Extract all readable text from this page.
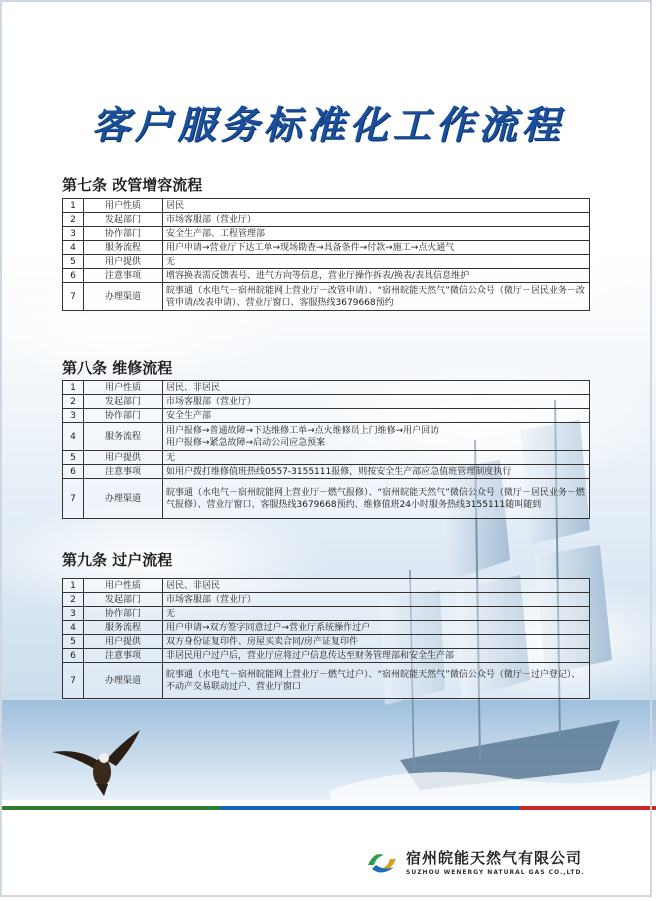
客户服务标准化工作流程
第七条 改管增容流程
1	用户性质	居民
2	发起部门	市场客服部（营业厅）
3	协作部门	安全生产部、工程管理部
4	服务流程	用户申请→营业厅下达工单→现场勘查→具备条件→付款→施工→点火通气
5	用户提供	无
6	注意事项	增容换表需反馈表号、进气方向等信息，营业厅操作拆表/换表/表具信息维护
7	办理渠道	皖事通（水电气－宿州皖能网上营业厅－改管申请）、“宿州皖能天然气”微信公众号（微厅－居民业务－改管申请/改表申请）、营业厅窗口、客服热线3679668预约
第八条 维修流程
1	用户性质	居民、非居民
2	发起部门	市场客服部（营业厅）
3	协作部门	安全生产部
4	服务流程	用户报修→普通故障→下达维修工单→点火维修员上门维修→用户回访
用户报修→紧急故障→启动公司应急预案
5	用户提供	无
6	注意事项	如用户拨打维修值班热线0557-3155111报修，则按安全生产部应急值班管理制度执行
7	办理渠道	皖事通（水电气－宿州皖能网上营业厅－燃气报修）、“宿州皖能天然气”微信公众号（微厅－居民业务－燃气报修）、营业厅窗口、客服热线3679668预约、维修值班24小时服务热线3155111随叫随到
第九条 过户流程
1	用户性质	居民、非居民
2	发起部门	市场客服部（营业厅）
3	协作部门	无
4	服务流程	用户申请→双方签字同意过户→营业厅系统操作过户
5	用户提供	双方身份证复印件、房屋买卖合同/房产证复印件
6	注意事项	非居民用户过户后，营业厅应将过户信息传达至财务管理部和安全生产部
7	办理渠道	皖事通（水电气－宿州皖能网上营业厅－燃气过户）、“宿州皖能天然气”微信公众号（微厅－过户登记）、不动产交易联动过户、营业厅窗口
宿州皖能天然气有限公司
SUZHOU WENERGY NATURAL GAS CO.,LTD.
